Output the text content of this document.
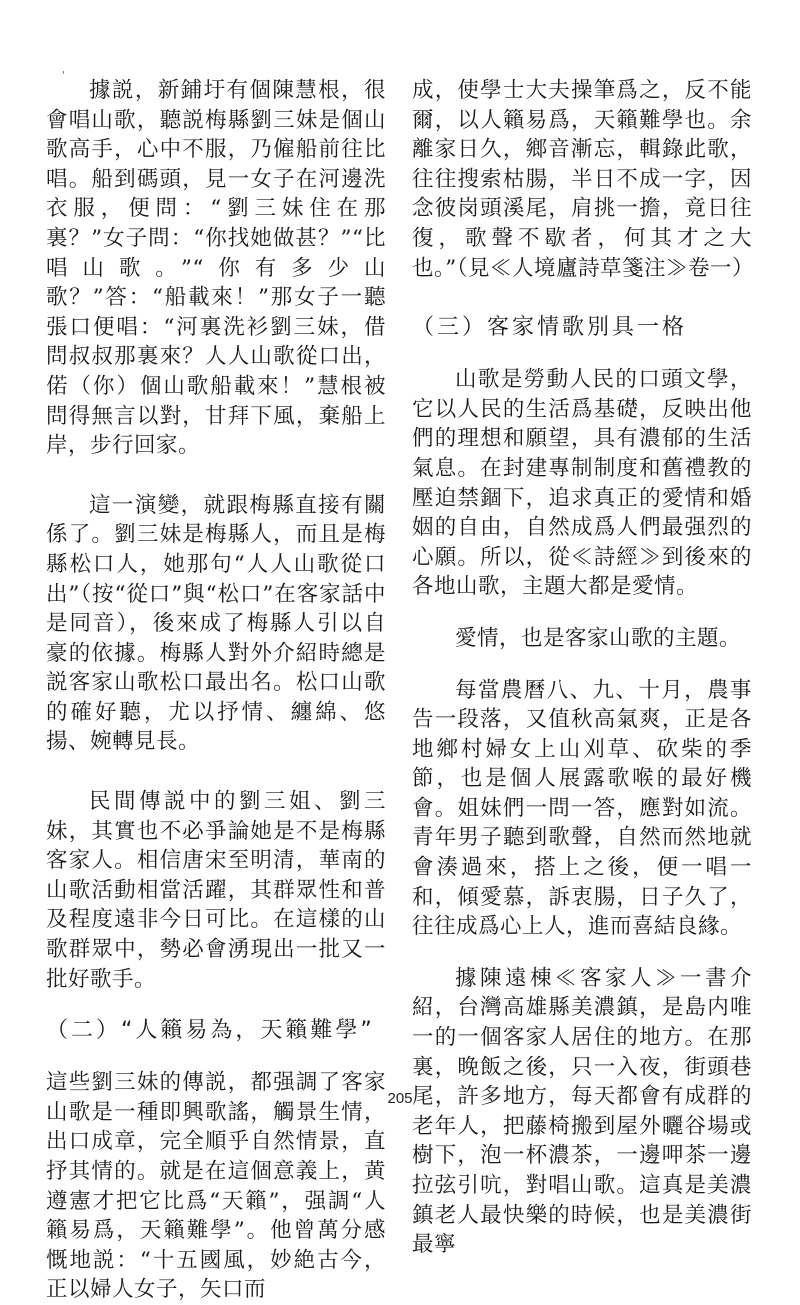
'

據説，新鋪圩有個陳慧根，很會唱山歌，聽説梅縣劉三妹是個山歌高手，心中不服，乃僱船前往比唱。船到碼頭，見一女子在河邊洗衣服，便問：“劉三妹住在那裏？”女子問：“你找她做甚？”“比唱山歌。”“你有多少山歌？”答：“船載來！”那女子一聽張口便唱：“河裏洗衫劉三妹，借問叔叔那裏來？人人山歌從口出，偌（你）個山歌船載來！”慧根被問得無言以對，甘拜下風，棄船上岸，步行回家。

這一演變，就跟梅縣直接有關係了。劉三妹是梅縣人，而且是梅縣松口人，她那句“人人山歌從口出”（按“從口”與“松口”在客家話中是同音），後來成了梅縣人引以自豪的依據。梅縣人對外介紹時總是説客家山歌松口最出名。松口山歌的確好聽，尤以抒情、纏綿、悠揚、婉轉見長。

民間傳説中的劉三姐、劉三妹，其實也不必爭論她是不是梅縣客家人。相信唐宋至明清，華南的山歌活動相當活躍，其群眾性和普及程度遠非今日可比。在這樣的山歌群眾中，勢必會湧現出一批又一批好歌手。

（二）“人籟易為，天籟難學”

這些劉三妹的傳説，都强調了客家山歌是一種即興歌謠，觸景生情，出口成章，完全順乎自然情景，直抒其情的。就是在這個意義上，黄遵憲才把它比爲“天籟”，强調“人籟易爲，天籟難學”。他曾萬分感慨地説：“十五國風，妙絶古今，正以婦人女子，矢口而

成，使學士大夫操筆爲之，反不能爾，以人籟易爲，天籟難學也。余離家日久，鄉音漸忘，輯錄此歌，往往搜索枯腸，半日不成一字，因念彼岗頭溪尾，肩挑一擔，竟日往復，歌聲不歇者，何其才之大也。”（見≪人境廬詩草箋注≫卷一）

（三）客家情歌別具一格

山歌是勞動人民的口頭文學，它以人民的生活爲基礎，反映出他們的理想和願望，具有濃郁的生活氣息。在封建專制制度和舊禮教的壓迫禁錮下，追求真正的愛情和婚姻的自由，自然成爲人們最强烈的心願。所以，從≪詩經≫到後來的各地山歌，主題大都是愛情。

愛情，也是客家山歌的主題。

每當農曆八、九、十月，農事告一段落，又值秋高氣爽，正是各地鄉村婦女上山刈草、砍柴的季節，也是個人展露歌喉的最好機會。姐妹們一問一答，應對如流。青年男子聽到歌聲，自然而然地就會湊過來，搭上之後，便一唱一和，傾愛慕，訴衷腸，日子久了，往往成爲心上人，進而喜結良緣。

據陳遠棟≪客家人≫一書介紹，台灣高雄縣美濃鎮，是島内唯一的一個客家人居住的地方。在那裏，晚飯之後，只一入夜，街頭巷尾，許多地方，每天都會有成群的老年人，把藤椅搬到屋外曬谷場或樹下，泡一杯濃茶，一邊呷茶一邊拉弦引吭，對唱山歌。這真是美濃鎮老人最快樂的時候，也是美濃街最寧

205
